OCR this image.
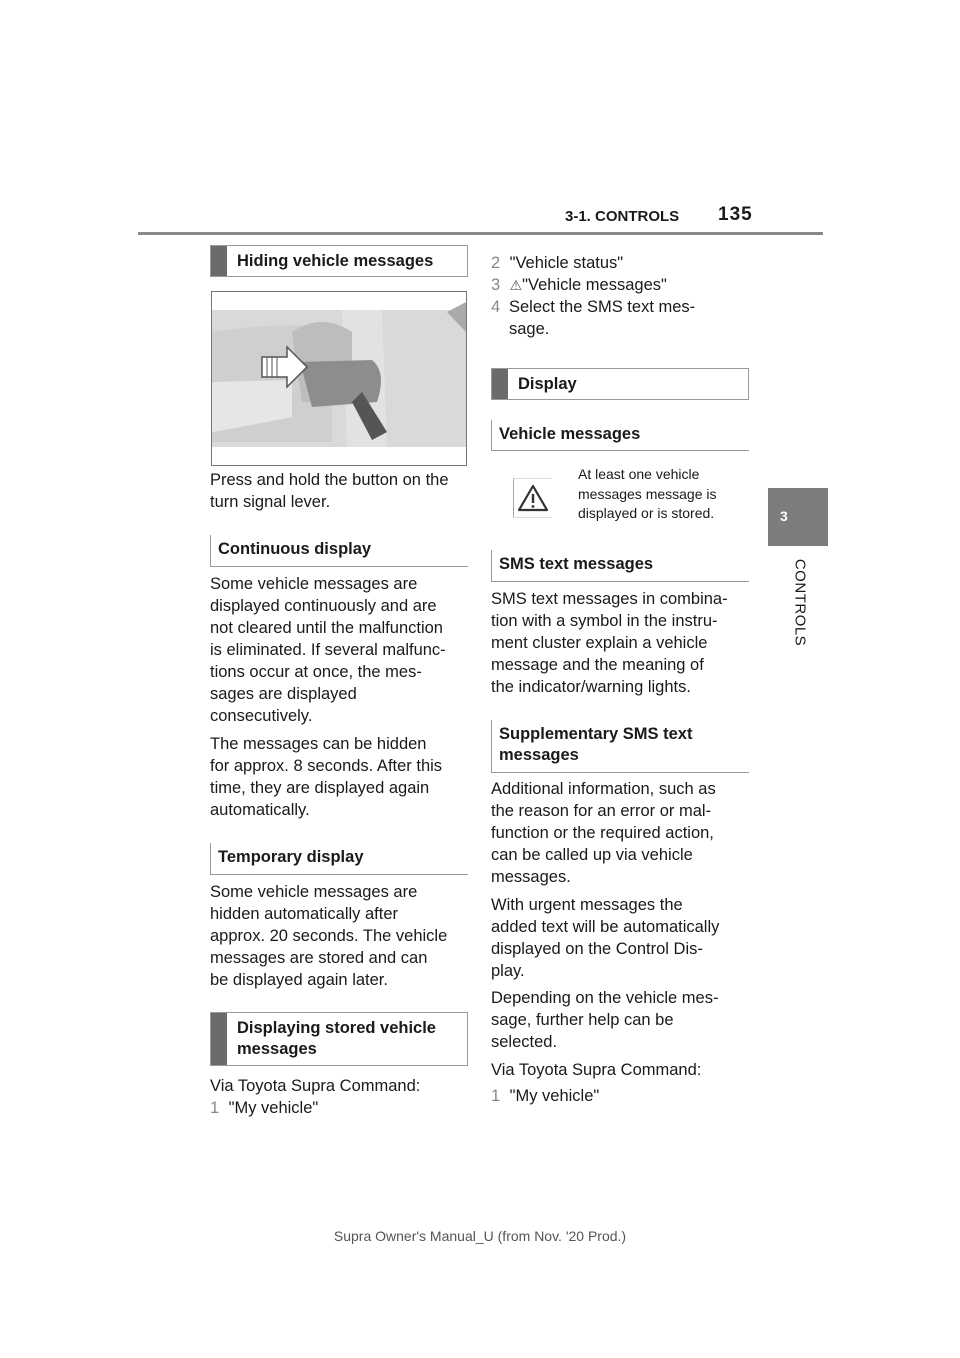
3-1. CONTROLS 135
3
CONTROLS
Hiding vehicle messages
Press and hold the button on the
turn signal lever.
Continuous display
Some vehicle messages are
displayed continuously and are
not cleared until the malfunction
is eliminated. If several malfunc-
tions occur at once, the mes-
sages are displayed
consecutively.
The messages can be hidden
for approx. 8 seconds. After this
time, they are displayed again
automatically.
Temporary display
Some vehicle messages are
hidden automatically after
approx. 20 seconds. The vehicle
messages are stored and can
be displayed again later.
Displaying stored vehicle
messages
Via Toyota Supra Command:
1 "My vehicle"
2 "Vehicle status"
3 ⚠"Vehicle messages"
4 Select the SMS text mes-
sage.
Display
Vehicle messages
At least one vehicle
messages message is
displayed or is stored.
SMS text messages
SMS text messages in combina-
tion with a symbol in the instru-
ment cluster explain a vehicle
message and the meaning of
the indicator/warning lights.
Supplementary SMS text
messages
Additional information, such as
the reason for an error or mal-
function or the required action,
can be called up via vehicle
messages.
With urgent messages the
added text will be automatically
displayed on the Control Dis-
play.
Depending on the vehicle mes-
sage, further help can be
selected.
Via Toyota Supra Command:
1 "My vehicle"
Supra Owner's Manual_U (from Nov. '20 Prod.)
